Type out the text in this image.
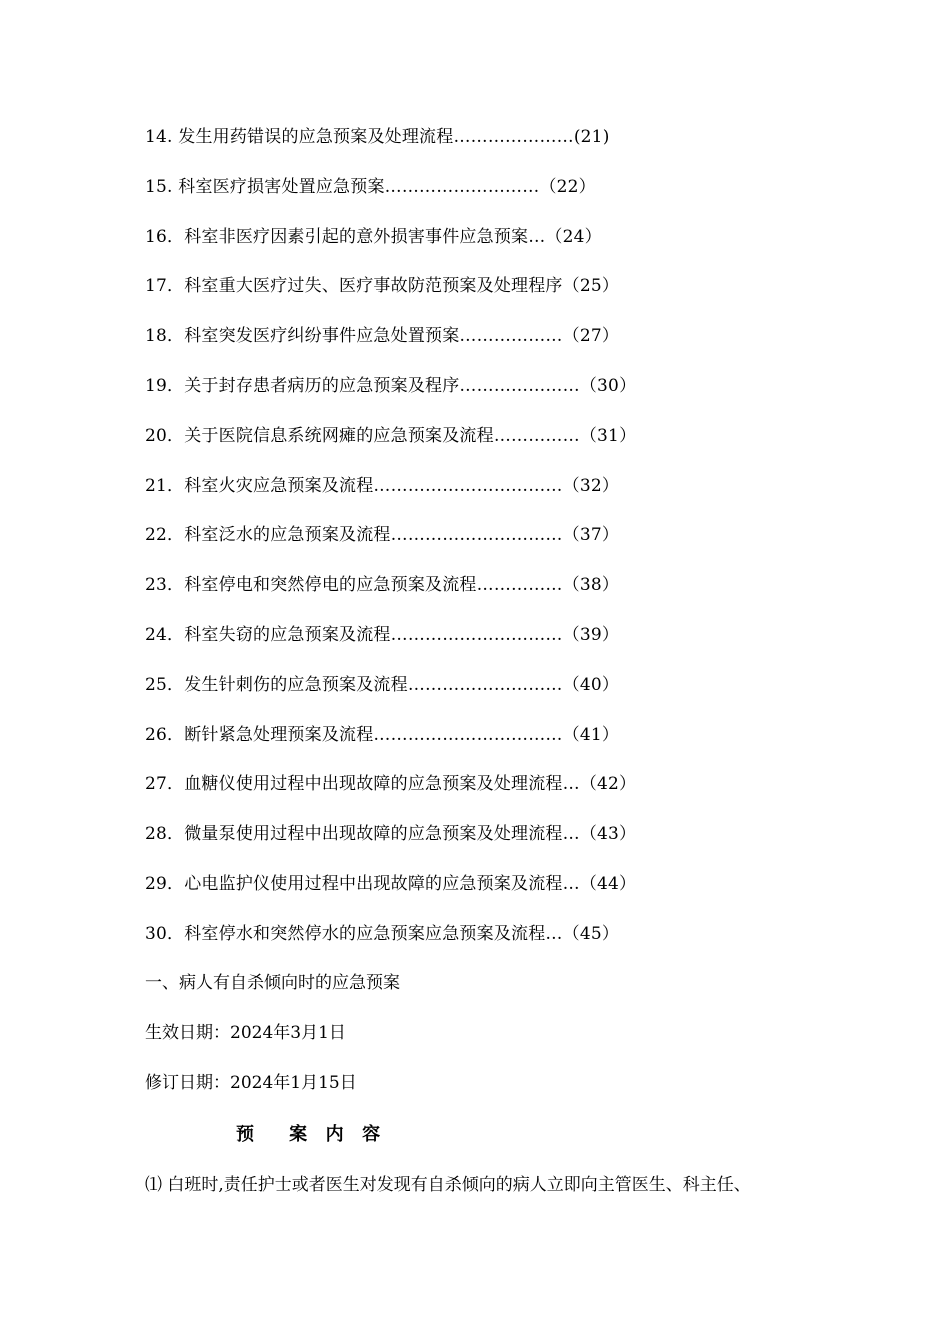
14. 发生用药错误的应急预案及处理流程…………………(21)
15. 科室医疗损害处置应急预案………………………（22）
16．科室非医疗因素引起的意外损害事件应急预案…（24）
17．科室重大医疗过失、医疗事故防范预案及处理程序（25）
18．科室突发医疗纠纷事件应急处置预案………………（27）
19．关于封存患者病历的应急预案及程序…………………（30）
20．关于医院信息系统网瘫的应急预案及流程……………（31）
21．科室火灾应急预案及流程……………………………（32）
22．科室泛水的应急预案及流程…………………………（37）
23．科室停电和突然停电的应急预案及流程……………（38）
24．科室失窃的应急预案及流程…………………………（39）
25．发生针刺伤的应急预案及流程………………………（40）
26．断针紧急处理预案及流程……………………………（41）
27．血糖仪使用过程中出现故障的应急预案及处理流程…（42）
28．微量泵使用过程中出现故障的应急预案及处理流程…（43）
29．心电监护仪使用过程中出现故障的应急预案及流程…（44）
30．科室停水和突然停水的应急预案应急预案及流程…（45）
一、病人有自杀倾向时的应急预案
生效日期：2024年3月1日
修订日期：2024年1月15日
预    案  内  容
⑴ 白班时,责任护士或者医生对发现有自杀倾向的病人立即向主管医生、科主任、
